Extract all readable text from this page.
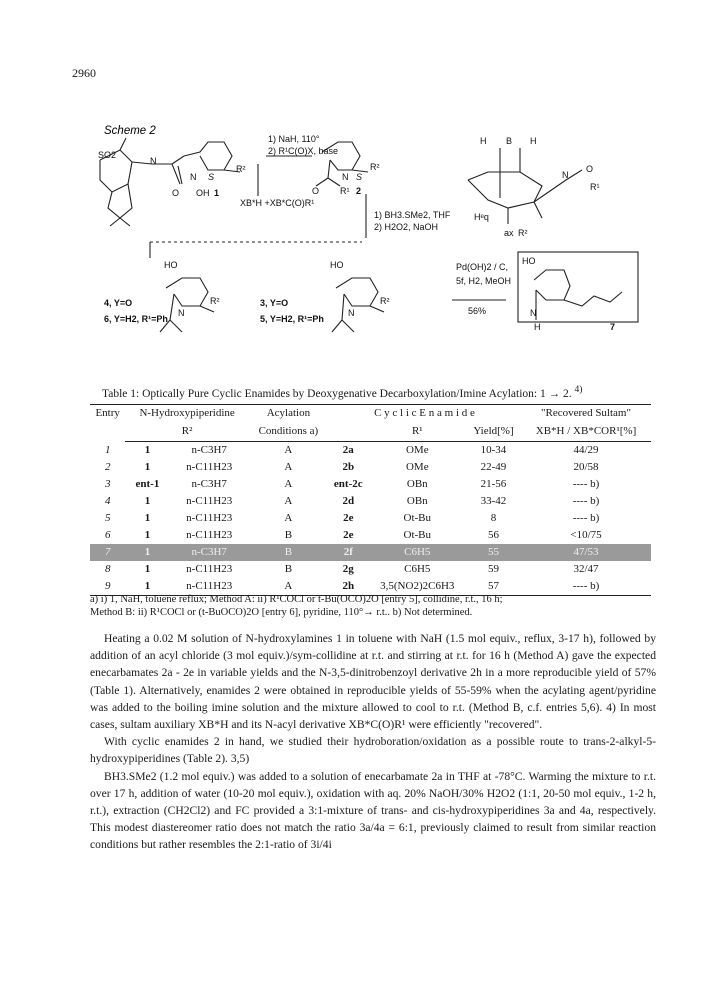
2960
Scheme 2
SO2
N
N S
R²
O OH 1
1) NaH, 110°
2) R¹C(O)X, base
XB*H +XB*C(O)R¹
N S
R²
O R¹ 2
1) BH3.SMe2, THF
2) H2O2, NaOH
H B H
N
O
R¹
Hᵉq
ax R²
HO
N
R²
4, Y=O
6, Y=H2, R¹=Ph
HO
N
R²
3, Y=O
5, Y=H2, R¹=Ph
Pd(OH)2 / C,
5f, H2, MeOH
56%
HO
N
H	7
Table 1: Optically Pure Cyclic Enamides by Deoxygenative Decarboxylation/Imine Acylation: 1 → 2. $^{4)}$
Entry	N-Hydroxypiperidine		Acylation	C y c l i c E n a m i d e			"Recovered Sultam"
	R²		Conditions a)		R¹	Yield[%]	XB*H / XB*COR¹[%]
1	1	n-C3H7	A	2a	OMe	10-34	44/29
2	1	n-C11H23	A	2b	OMe	22-49	20/58
3	ent-1	n-C3H7	A	ent-2c	OBn	21-56	---- b)
4	1	n-C11H23	A	2d	OBn	33-42	---- b)
5	1	n-C11H23	A	2e	Ot-Bu	8	---- b)
6	1	n-C11H23	B	2e	Ot-Bu	56	<10/75
7	1	n-C3H7	B	2f	C6H5	55	47/53
8	1	n-C11H23	B	2g	C6H5	59	32/47
9	1	n-C11H23	A	2h	3,5(NO2)2C6H3	57	---- b)
a) i) 1, NaH, toluene reflux; Method A: ii) R¹COCl or t-Bu(OCO)2O [entry 5], collidine, r.t., 16 h;
Method B: ii) R¹COCl or (t-BuOCO)2O [entry 6], pyridine, 110°→ r.t.. b) Not determined.

Heating a 0.02 M solution of N-hydroxylamines 1 in toluene with NaH (1.5 mol equiv., reflux, 3-17 h), followed by addition of an acyl chloride (3 mol equiv.)/sym-collidine at r.t. and stirring at r.t. for 16 h (Method A) gave the expected enecarbamates 2a - 2e in variable yields and the N-3,5-dinitrobenzoyl derivative 2h in a more reproducible yield of 57% (Table 1). Alternatively, enamides 2 were obtained in reproducible yields of 55-59% when the acylating agent/pyridine was added to the boiling imine solution and the mixture allowed to cool to r.t. (Method B, c.f. entries 5,6). 4) In most cases, sultam auxiliary XB*H and its N-acyl derivative XB*C(O)R¹ were efficiently "recovered".

With cyclic enamides 2 in hand, we studied their hydroboration/oxidation as a possible route to trans-2-alkyl-5-hydroxypiperidines (Table 2). 3,5)

BH3.SMe2 (1.2 mol equiv.) was added to a solution of enecarbamate 2a in THF at -78°C. Warming the mixture to r.t. over 17 h, addition of water (10-20 mol equiv.), oxidation with aq. 20% NaOH/30% H2O2 (1:1, 20-50 mol equiv., 1-2 h, r.t.), extraction (CH2Cl2) and FC provided a 3:1-mixture of trans- and cis-hydroxypiperidines 3a and 4a, respectively. This modest diastereomer ratio does not match the ratio 3a/4a = 6:1, previously claimed to result from similar reaction conditions but rather resembles the 2:1-ratio of 3i/4i
